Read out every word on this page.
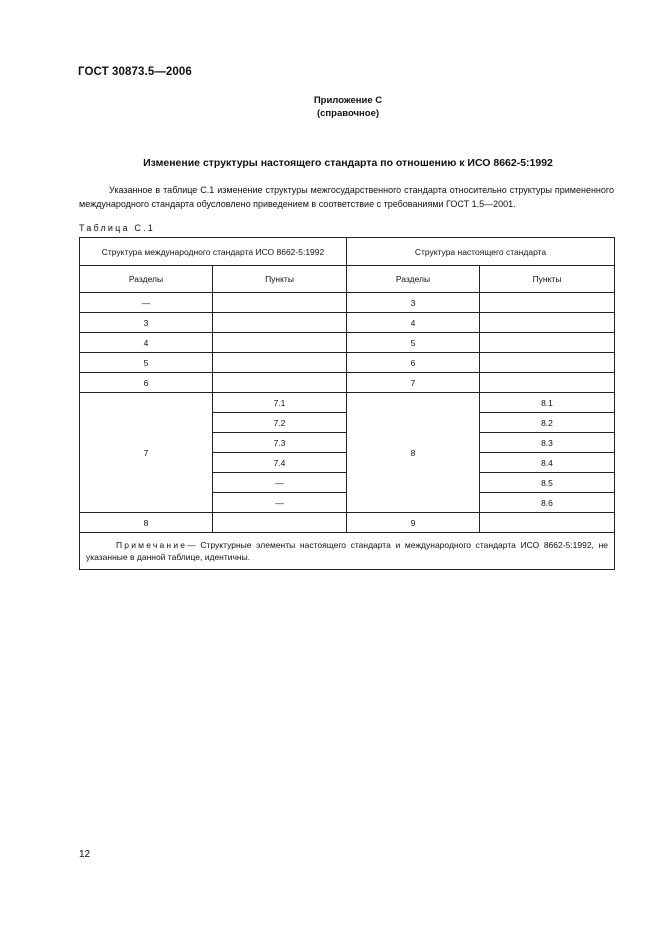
ГОСТ 30873.5—2006
Приложение С
(справочное)
Изменение структуры настоящего стандарта по отношению к ИСО 8662-5:1992
Указанное в таблице С.1 изменение структуры межгосударственного стандарта относительно структуры примененного международного стандарта обусловлено приведением в соответствие с требованиями ГОСТ 1.5—2001.
Таблица С.1
Структура международного стандарта ИСО 8662-5:1992		Структура настоящего стандарта	
Разделы	Пункты	Разделы	Пункты
—		3	
3		4	
4		5	
5		6	
6		7	
7	7.1	8	8.1
	7.2		8.2
	7.3		8.3
	7.4		8.4
	—		8.5
	—		8.6
8		9	
Примечание— Структурные элементы настоящего стандарта и международного стандарта ИСО 8662-5:1992, не указанные в данной таблице, идентичны.			
12
